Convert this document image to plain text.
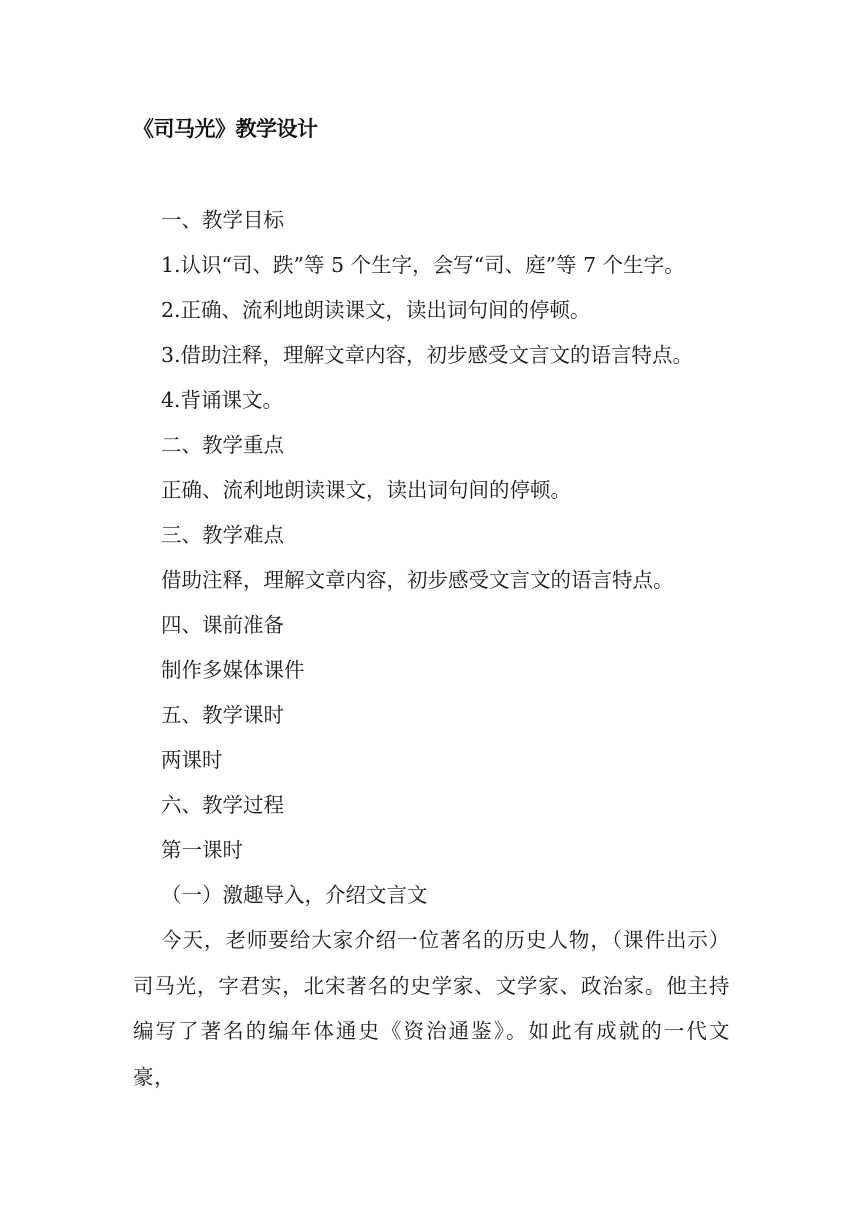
《司马光》教学设计
一、教学目标
1.认识“司、跌”等 5 个生字，会写“司、庭”等 7 个生字。
2.正确、流利地朗读课文，读出词句间的停顿。
3.借助注释，理解文章内容，初步感受文言文的语言特点。
4.背诵课文。
二、教学重点
正确、流利地朗读课文，读出词句间的停顿。
三、教学难点
借助注释，理解文章内容，初步感受文言文的语言特点。
四、课前准备
制作多媒体课件
五、教学课时
两课时
六、教学过程
第一课时
（一）激趣导入，介绍文言文
今天，老师要给大家介绍一位著名的历史人物，（课件出示）司马光，字君实，北宋著名的史学家、文学家、政治家。他主持编写了著名的编年体通史《资治通鉴》。如此有成就的一代文豪，
